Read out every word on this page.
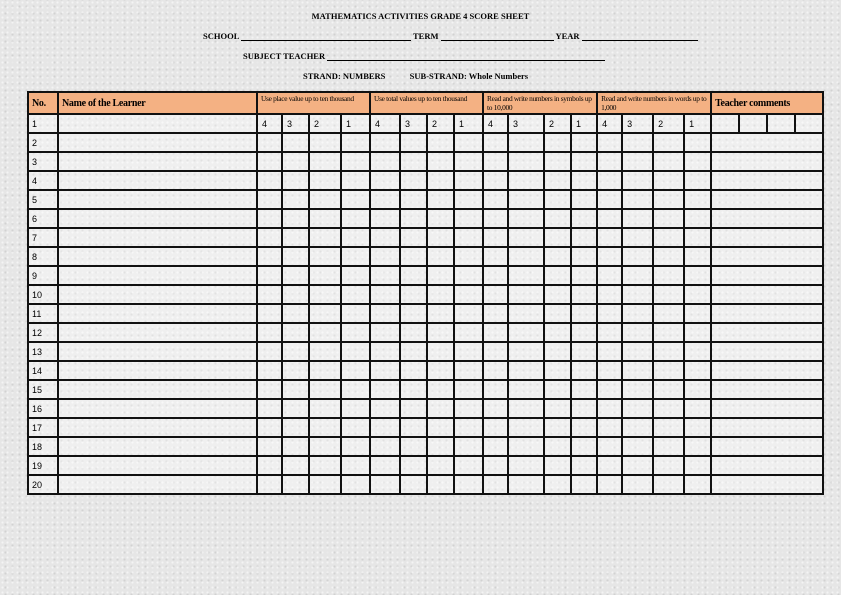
MATHEMATICS ACTIVITIES GRADE 4 SCORE SHEET
SCHOOL	TERM	YEAR
SUBJECT TEACHER
STRAND: NUMBERS	SUB-STRAND: Whole Numbers
No.	Name of the Learner	Use place value up to ten thousand				Use total values up to ten thousand				Read and write numbers in symbols up to 10,000				Read and write numbers in words up to 1,000				Teacher comments
1		4	3	2	1	4	3	2	1	4	3	2	1	4	3	2	1	

2																		
3																		
4																		
5																		
6																		
7																		
8																		
9																		
10																		
11																		
12																		
13																		
14																		
15																		
16																		
17																		
18																		
19																		
20																		
